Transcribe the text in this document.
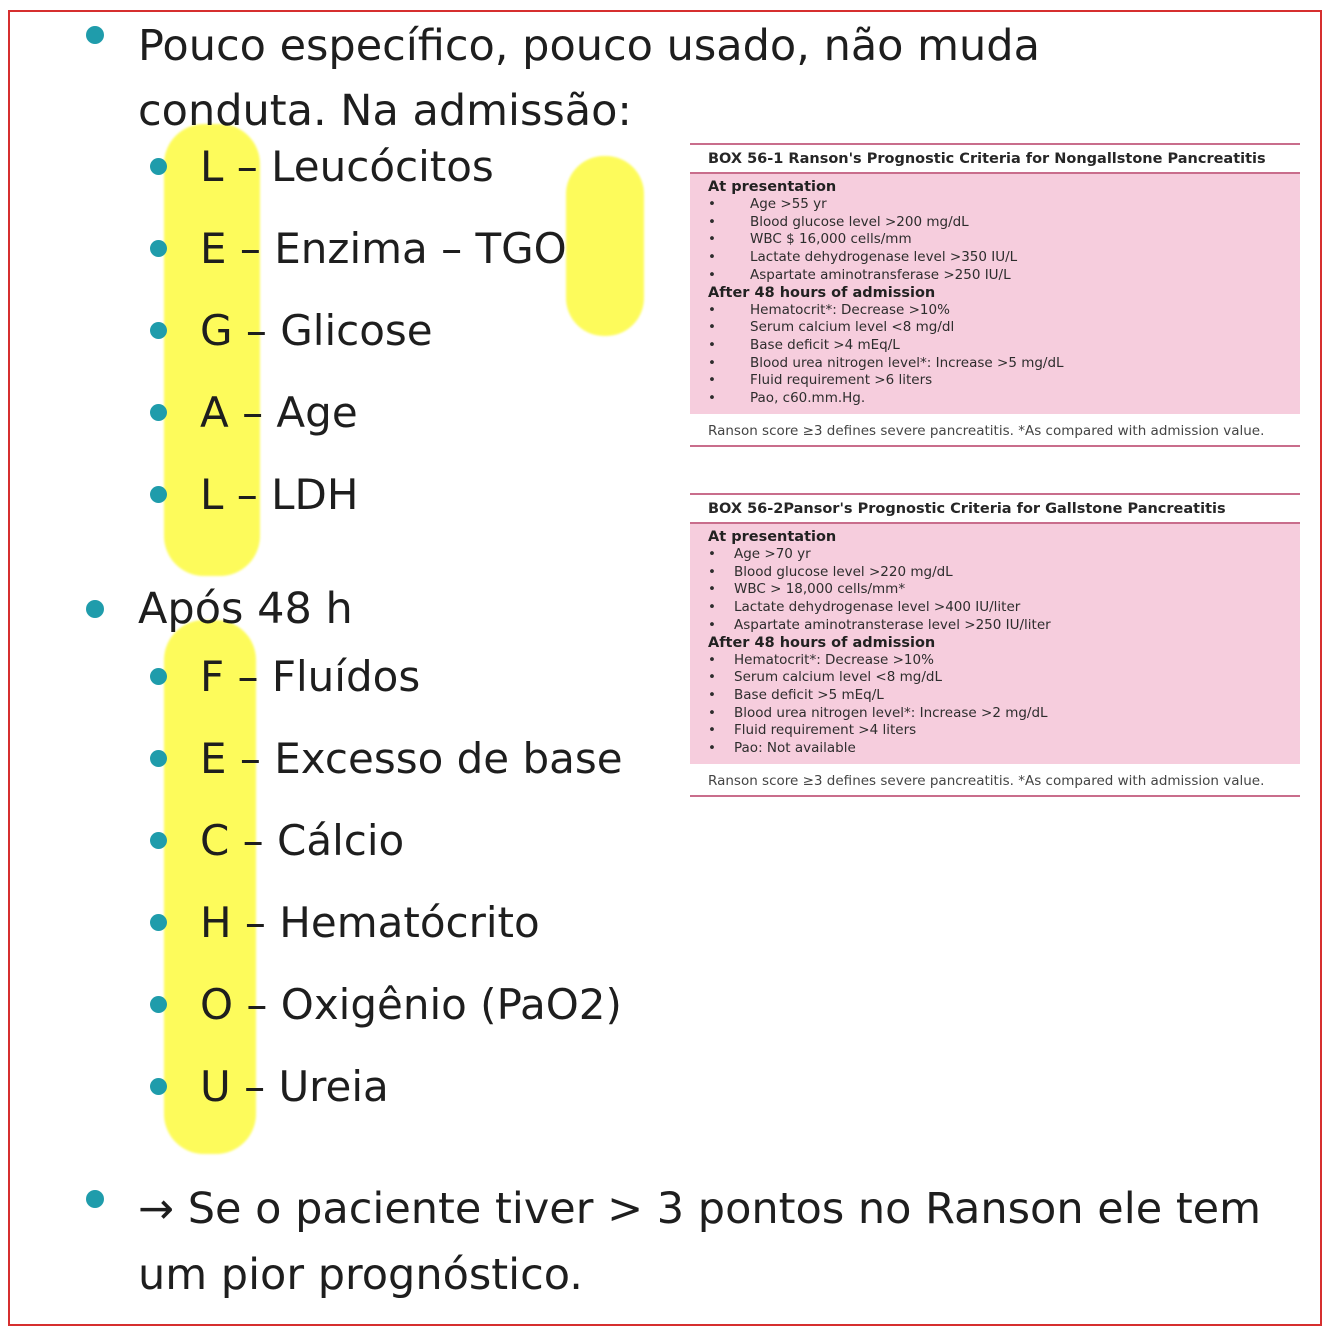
Pouco específico, pouco usado, não muda conduta. Na admissão:
L – Leucócitos
E – Enzima – TGO
G – Glicose
A – Age
L – LDH
Após 48 h
F – Fluídos
E – Excesso de base
C – Cálcio
H – Hematócrito
O – Oxigênio (PaO2)
U – Ureia
→ Se o paciente tiver > 3 pontos no Ranson ele tem um pior prognóstico.
BOX 56-1 Ranson's Prognostic Criteria for Nongallstone Pancreatitis
At presentation
• Age >55 yr
• Blood glucose level >200 mg/dL
• WBC $ 16,000 cells/mm
• Lactate dehydrogenase level >350 IU/L
• Aspartate aminotransferase >250 IU/L
After 48 hours of admission
• Hematocrit*: Decrease >10%
• Serum calcium level <8 mg/dl
• Base deficit >4 mEq/L
• Blood urea nitrogen level*: Increase >5 mg/dL
• Fluid requirement >6 liters
• Pao, c60.mm.Hg.
Ranson score ≥3 defines severe pancreatitis. *As compared with admission value.
BOX 56-2Pansor's Prognostic Criteria for Gallstone Pancreatitis
At presentation
• Age >70 yr
• Blood glucose level >220 mg/dL
• WBC > 18,000 cells/mm*
• Lactate dehydrogenase level >400 IU/liter
• Aspartate aminotransterase level >250 IU/liter
After 48 hours of admission
• Hematocrit*: Decrease >10%
• Serum calcium level <8 mg/dL
• Base deficit >5 mEq/L
• Blood urea nitrogen level*: Increase >2 mg/dL
• Fluid requirement >4 liters
• Pao: Not available
Ranson score ≥3 defines severe pancreatitis. *As compared with admission value.
